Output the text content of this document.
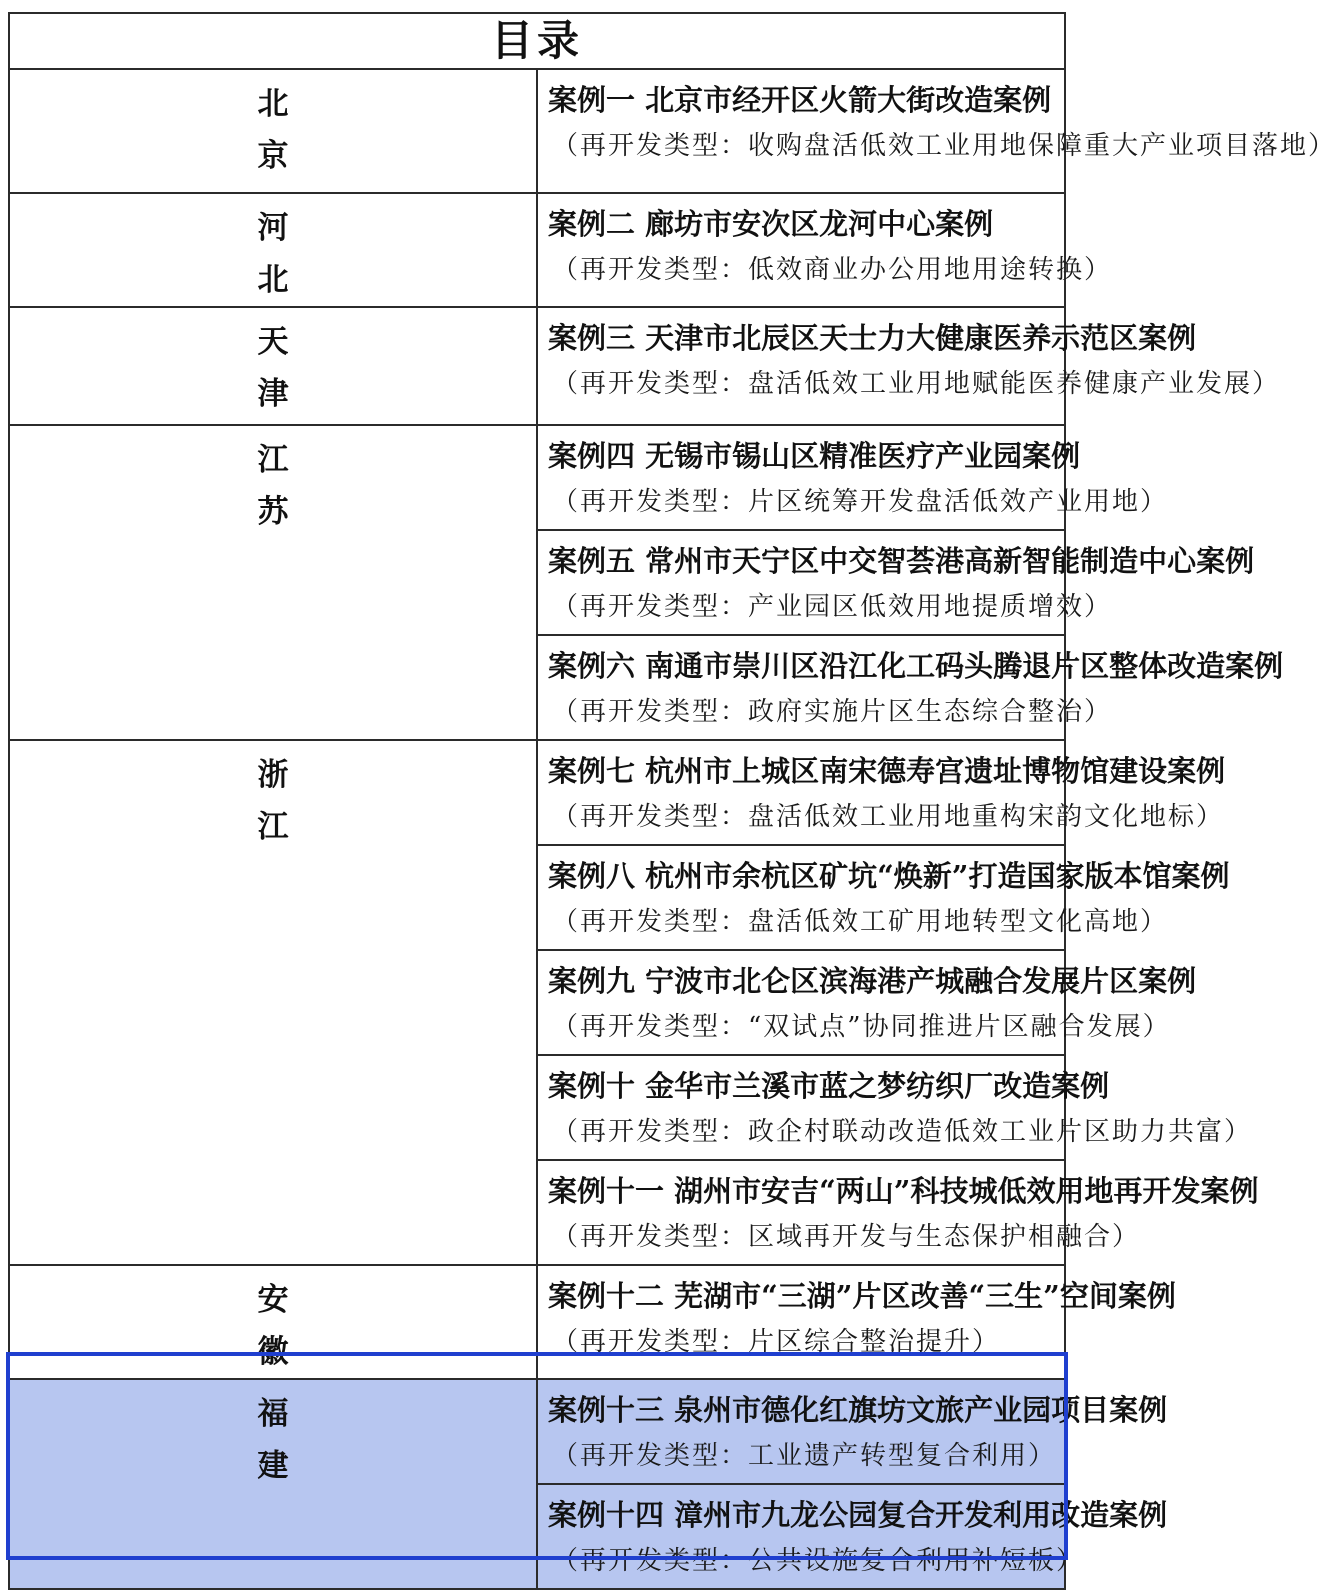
目录	

北
京	案例一 北京市经开区火箭大街改造案例
（再开发类型：收购盘活低效工业用地保障重大产业项目落地）

河
北	案例二 廊坊市安次区龙河中心案例
（再开发类型：低效商业办公用地用途转换）

天
津	案例三 天津市北辰区天士力大健康医养示范区案例
（再开发类型：盘活低效工业用地赋能医养健康产业发展）

江
苏	案例四 无锡市锡山区精准医疗产业园案例
（再开发类型：片区统筹开发盘活低效产业用地）

	案例五 常州市天宁区中交智荟港高新智能制造中心案例
（再开发类型：产业园区低效用地提质增效）

	案例六 南通市崇川区沿江化工码头腾退片区整体改造案例
（再开发类型：政府实施片区生态综合整治）

浙
江	案例七 杭州市上城区南宋德寿宫遗址博物馆建设案例
（再开发类型：盘活低效工业用地重构宋韵文化地标）

	案例八 杭州市余杭区矿坑“焕新”打造国家版本馆案例
（再开发类型：盘活低效工矿用地转型文化高地）

	案例九 宁波市北仑区滨海港产城融合发展片区案例
（再开发类型：“双试点”协同推进片区融合发展）

	案例十 金华市兰溪市蓝之梦纺织厂改造案例
（再开发类型：政企村联动改造低效工业片区助力共富）

	案例十一 湖州市安吉“两山”科技城低效用地再开发案例
（再开发类型：区域再开发与生态保护相融合）

安
徽	案例十二 芜湖市“三湖”片区改善“三生”空间案例
（再开发类型：片区综合整治提升）

福
建	案例十三 泉州市德化红旗坊文旅产业园项目案例
（再开发类型：工业遗产转型复合利用）

	案例十四 漳州市九龙公园复合开发利用改造案例
（再开发类型：公共设施复合利用补短板）
